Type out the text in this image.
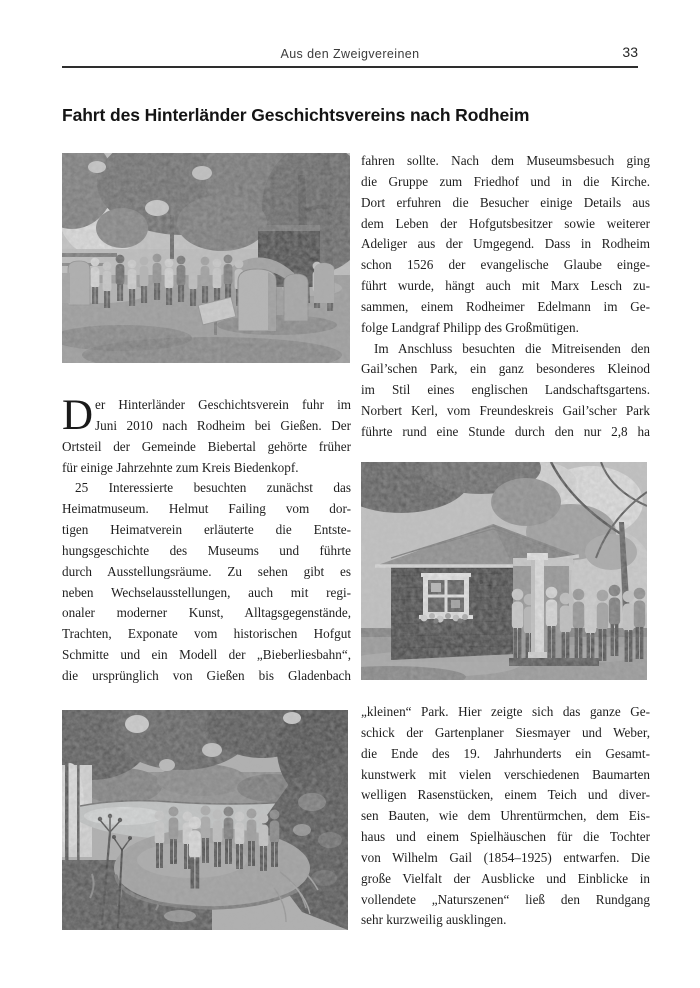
Aus den Zweigvereinen	33
Fahrt des Hinterländer Geschichtsvereins nach Rodheim
D er Hinterländer Geschichtsverein fuhr im
Juni 2010 nach Rodheim bei Gießen. Der
Ortsteil der Gemeinde Biebertal gehörte früher
für einige Jahrzehnte zum Kreis Biedenkopf.
25 Interessierte besuchten zunächst das
Heimatmuseum. Helmut Failing vom dor-
tigen Heimatverein erläuterte die Entste-
hungsgeschichte des Museums und führte
durch Ausstellungsräume. Zu sehen gibt es
neben Wechselausstellungen, auch mit regi-
onaler moderner Kunst, Alltagsgegenstände,
Trachten, Exponate vom historischen Hofgut
Schmitte und ein Modell der „Bieberliesbahn“,
die ursprünglich von Gießen bis Gladenbach
fahren sollte. Nach dem Museumsbesuch ging
die Gruppe zum Friedhof und in die Kirche.
Dort erfuhren die Besucher einige Details aus
dem Leben der Hofgutsbesitzer sowie weiterer
Adeliger aus der Umgegend. Dass in Rodheim
schon 1526 der evangelische Glaube einge-
führt wurde, hängt auch mit Marx Lesch zu-
sammen, einem Rodheimer Edelmann im Ge-
folge Landgraf Philipp des Großmütigen.
Im Anschluss besuchten die Mitreisenden den
Gail’schen Park, ein ganz besonderes Kleinod
im Stil eines englischen Landschaftsgartens.
Norbert Kerl, vom Freundeskreis Gail’scher Park
führte rund eine Stunde durch den nur 2,8 ha
„kleinen“ Park. Hier zeigte sich das ganze Ge-
schick der Gartenplaner Siesmayer und Weber,
die Ende des 19. Jahrhunderts ein Gesamt-
kunstwerk mit vielen verschiedenen Baumarten
welligen Rasenstücken, einem Teich und diver-
sen Bauten, wie dem Uhrentürmchen, dem Eis-
haus und einem Spielhäuschen für die Tochter
von Wilhelm Gail (1854–1925) entwarfen. Die
große Vielfalt der Ausblicke und Einblicke in
vollendete „Naturszenen“ ließ den Rundgang
sehr kurzweilig ausklingen.
